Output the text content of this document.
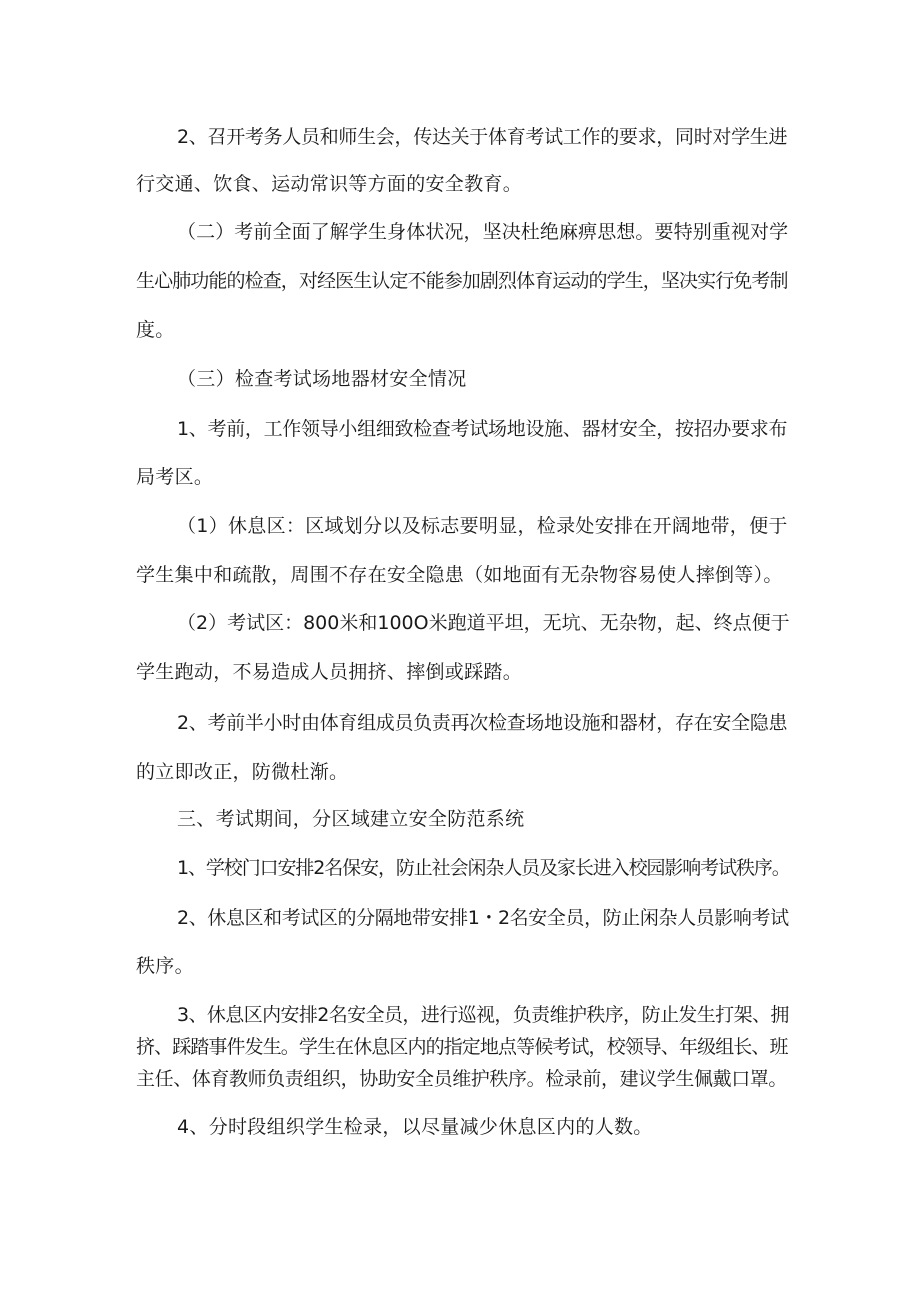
2、召开考务人员和师生会，传达关于体育考试工作的要求，同时对学生进
行交通、饮食、运动常识等方面的安全教育。
（二）考前全面了解学生身体状况，坚决杜绝麻痹思想。要特别重视对学
生心肺功能的检查，对经医生认定不能参加剧烈体育运动的学生，坚决实行免考制
度。
（三）检查考试场地器材安全情况
1、考前，工作领导小组细致检查考试场地设施、器材安全，按招办要求布
局考区。
（1）休息区：区域划分以及标志要明显，检录处安排在开阔地带，便于
学生集中和疏散，周围不存在安全隐患（如地面有无杂物容易使人摔倒等）。
（2）考试区：800米和100O米跑道平坦，无坑、无杂物，起、终点便于
学生跑动，不易造成人员拥挤、摔倒或踩踏。
2、考前半小时由体育组成员负责再次检查场地设施和器材，存在安全隐患
的立即改正，防微杜渐。
三、考试期间，分区域建立安全防范系统
1、学校门口安排2名保安，防止社会闲杂人员及家长进入校园影响考试秩序。
2、休息区和考试区的分隔地带安排1・2名安全员，防止闲杂人员影响考试
秩序。
3、休息区内安排2名安全员，进行巡视，负责维护秩序，防止发生打架、拥
挤、踩踏事件发生。学生在休息区内的指定地点等候考试，校领导、年级组长、班
主任、体育教师负责组织，协助安全员维护秩序。检录前，建议学生佩戴口罩。
4、分时段组织学生检录，以尽量减少休息区内的人数。
